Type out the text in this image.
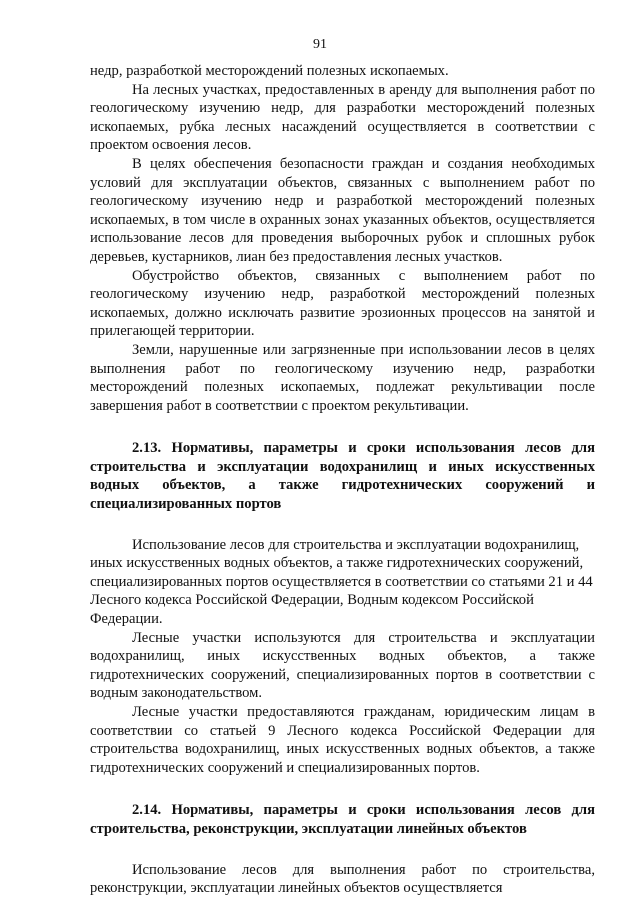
91

недр, разработкой месторождений полезных ископаемых.

На лесных участках, предоставленных в аренду для выполнения работ по геологическому изучению недр, для разработки месторождений полезных ископаемых, рубка лесных насаждений осуществляется в соответствии с проектом освоения лесов.

В целях обеспечения безопасности граждан и создания необходимых условий для эксплуатации объектов, связанных с выполнением работ по геологическому изучению недр и разработкой месторождений полезных ископаемых, в том числе в охранных зонах указанных объектов, осуществляется использование лесов для проведения выборочных рубок и сплошных рубок деревьев, кустарников, лиан без предоставления лесных участков.

Обустройство объектов, связанных с выполнением работ по геологическому изучению недр, разработкой месторождений полезных ископаемых, должно исключать развитие эрозионных процессов на занятой и прилегающей территории.

Земли, нарушенные или загрязненные при использовании лесов в целях выполнения работ по геологическому изучению недр, разработки месторождений полезных ископаемых, подлежат рекультивации после завершения работ в соответствии с проектом рекультивации.

2.13. Нормативы, параметры и сроки использования лесов для строительства и эксплуатации водохранилищ и иных искусственных водных объектов, а также гидротехнических сооружений и специализированных портов

Использование лесов для строительства и эксплуатации водохранилищ, иных искусственных водных объектов, а также гидротехнических сооружений, специализированных портов осуществляется в соответствии со статьями 21 и 44 Лесного кодекса Российской Федерации, Водным кодексом Российской Федерации.

Лесные участки используются для строительства и эксплуатации водохранилищ, иных искусственных водных объектов, а также гидротехнических сооружений, специализированных портов в соответствии с водным законодательством.

Лесные участки предоставляются гражданам, юридическим лицам в соответствии со статьей 9 Лесного кодекса Российской Федерации для строительства водохранилищ, иных искусственных водных объектов, а также гидротехнических сооружений и специализированных портов.

2.14. Нормативы, параметры и сроки использования лесов для строительства, реконструкции, эксплуатации линейных объектов

Использование лесов для выполнения работ по строительства, реконструкции, эксплуатации линейных объектов осуществляется
